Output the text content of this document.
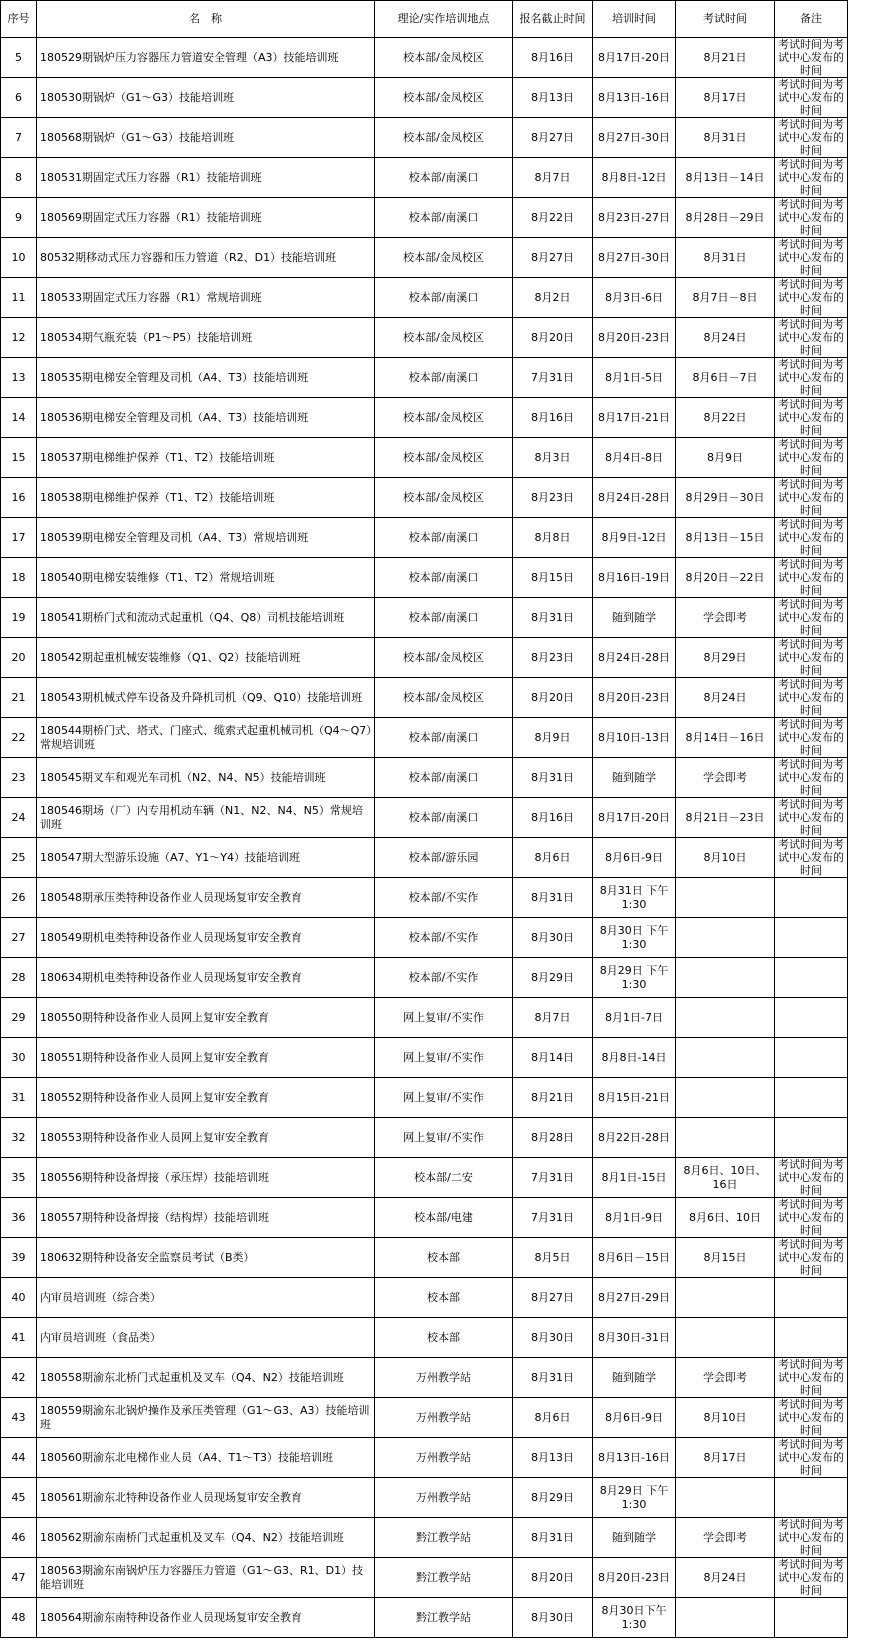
序号	名　称	理论/实作培训地点	报名截止时间	培训时间	考试时间	备注
5	180529期锅炉压力容器压力管道安全管理（A3）技能培训班	校本部/金凤校区	8月16日	8月17日-20日	8月21日	考试时间为考试中心发布的时间
6	180530期锅炉（G1～G3）技能培训班	校本部/金凤校区	8月13日	8月13日-16日	8月17日	考试时间为考试中心发布的时间
7	180568期锅炉（G1～G3）技能培训班	校本部/金凤校区	8月27日	8月27日-30日	8月31日	考试时间为考试中心发布的时间
8	180531期固定式压力容器（R1）技能培训班	校本部/南溪口	8月7日	8月8日-12日	8月13日－14日	考试时间为考试中心发布的时间
9	180569期固定式压力容器（R1）技能培训班	校本部/南溪口	8月22日	8月23日-27日	8月28日－29日	考试时间为考试中心发布的时间
10	80532期移动式压力容器和压力管道（R2、D1）技能培训班	校本部/金凤校区	8月27日	8月27日-30日	8月31日	考试时间为考试中心发布的时间
11	180533期固定式压力容器（R1）常规培训班	校本部/南溪口	8月2日	8月3日-6日	8月7日－8日	考试时间为考试中心发布的时间
12	180534期气瓶充装（P1～P5）技能培训班	校本部/金凤校区	8月20日	8月20日-23日	8月24日	考试时间为考试中心发布的时间
13	180535期电梯安全管理及司机（A4、T3）技能培训班	校本部/南溪口	7月31日	8月1日-5日	8月6日－7日	考试时间为考试中心发布的时间
14	180536期电梯安全管理及司机（A4、T3）技能培训班	校本部/金凤校区	8月16日	8月17日-21日	8月22日	考试时间为考试中心发布的时间
15	180537期电梯维护保养（T1、T2）技能培训班	校本部/金凤校区	8月3日	8月4日-8日	8月9日	考试时间为考试中心发布的时间
16	180538期电梯维护保养（T1、T2）技能培训班	校本部/金凤校区	8月23日	8月24日-28日	8月29日－30日	考试时间为考试中心发布的时间
17	180539期电梯安全管理及司机（A4、T3）常规培训班	校本部/南溪口	8月8日	8月9日-12日	8月13日－15日	考试时间为考试中心发布的时间
18	180540期电梯安装维修（T1、T2）常规培训班	校本部/南溪口	8月15日	8月16日-19日	8月20日－22日	考试时间为考试中心发布的时间
19	180541期桥门式和流动式起重机（Q4、Q8）司机技能培训班	校本部/南溪口	8月31日	随到随学	学会即考	考试时间为考试中心发布的时间
20	180542期起重机械安装维修（Q1、Q2）技能培训班	校本部/金凤校区	8月23日	8月24日-28日	8月29日	考试时间为考试中心发布的时间
21	180543期机械式停车设备及升降机司机（Q9、Q10）技能培训班	校本部/金凤校区	8月20日	8月20日-23日	8月24日	考试时间为考试中心发布的时间
22	180544期桥门式、塔式、门座式、缆索式起重机械司机（Q4～Q7）常规培训班	校本部/南溪口	8月9日	8月10日-13日	8月14日－16日	考试时间为考试中心发布的时间
23	180545期叉车和观光车司机（N2、N4、N5）技能培训班	校本部/南溪口	8月31日	随到随学	学会即考	考试时间为考试中心发布的时间
24	180546期场（厂）内专用机动车辆（N1、N2、N4、N5）常规培训班	校本部/南溪口	8月16日	8月17日-20日	8月21日－23日	考试时间为考试中心发布的时间
25	180547期大型游乐设施（A7、Y1～Y4）技能培训班	校本部/游乐园	8月6日	8月6日-9日	8月10日	考试时间为考试中心发布的时间
26	180548期承压类特种设备作业人员现场复审安全教育	校本部/不实作	8月31日	8月31日 下午1:30		
27	180549期机电类特种设备作业人员现场复审安全教育	校本部/不实作	8月30日	8月30日 下午1:30		
28	180634期机电类特种设备作业人员现场复审安全教育	校本部/不实作	8月29日	8月29日 下午1:30		
29	180550期特种设备作业人员网上复审安全教育	网上复审/不实作	8月7日	8月1日-7日		
30	180551期特种设备作业人员网上复审安全教育	网上复审/不实作	8月14日	8月8日-14日		
31	180552期特种设备作业人员网上复审安全教育	网上复审/不实作	8月21日	8月15日-21日		
32	180553期特种设备作业人员网上复审安全教育	网上复审/不实作	8月28日	8月22日-28日		
35	180556期特种设备焊接（承压焊）技能培训班	校本部/二安	7月31日	8月1日-15日	8月6日、10日、16日	考试时间为考试中心发布的时间
36	180557期特种设备焊接（结构焊）技能培训班	校本部/电建	7月31日	8月1日-9日	8月6日、10日	考试时间为考试中心发布的时间
39	180632期特种设备安全监察员考试（B类）	校本部	8月5日	8月6日－15日	8月15日	考试时间为考试中心发布的时间
40	内审员培训班（综合类）	校本部	8月27日	8月27日-29日		
41	内审员培训班（食品类）	校本部	8月30日	8月30日-31日		
42	180558期渝东北桥门式起重机及叉车（Q4、N2）技能培训班	万州教学站	8月31日	随到随学	学会即考	考试时间为考试中心发布的时间
43	180559期渝东北锅炉操作及承压类管理（G1～G3、A3）技能培训班	万州教学站	8月6日	8月6日-9日	8月10日	考试时间为考试中心发布的时间
44	180560期渝东北电梯作业人员（A4、T1～T3）技能培训班	万州教学站	8月13日	8月13日-16日	8月17日	考试时间为考试中心发布的时间
45	180561期渝东北特种设备作业人员现场复审安全教育	万州教学站	8月29日	8月29日 下午1:30		
46	180562期渝东南桥门式起重机及叉车（Q4、N2）技能培训班	黔江教学站	8月31日	随到随学	学会即考	考试时间为考试中心发布的时间
47	180563期渝东南锅炉压力容器压力管道（G1～G3、R1、D1）技能培训班	黔江教学站	8月20日	8月20日-23日	8月24日	考试时间为考试中心发布的时间
48	180564期渝东南特种设备作业人员现场复审安全教育	黔江教学站	8月30日	8月30日下午1:30		
